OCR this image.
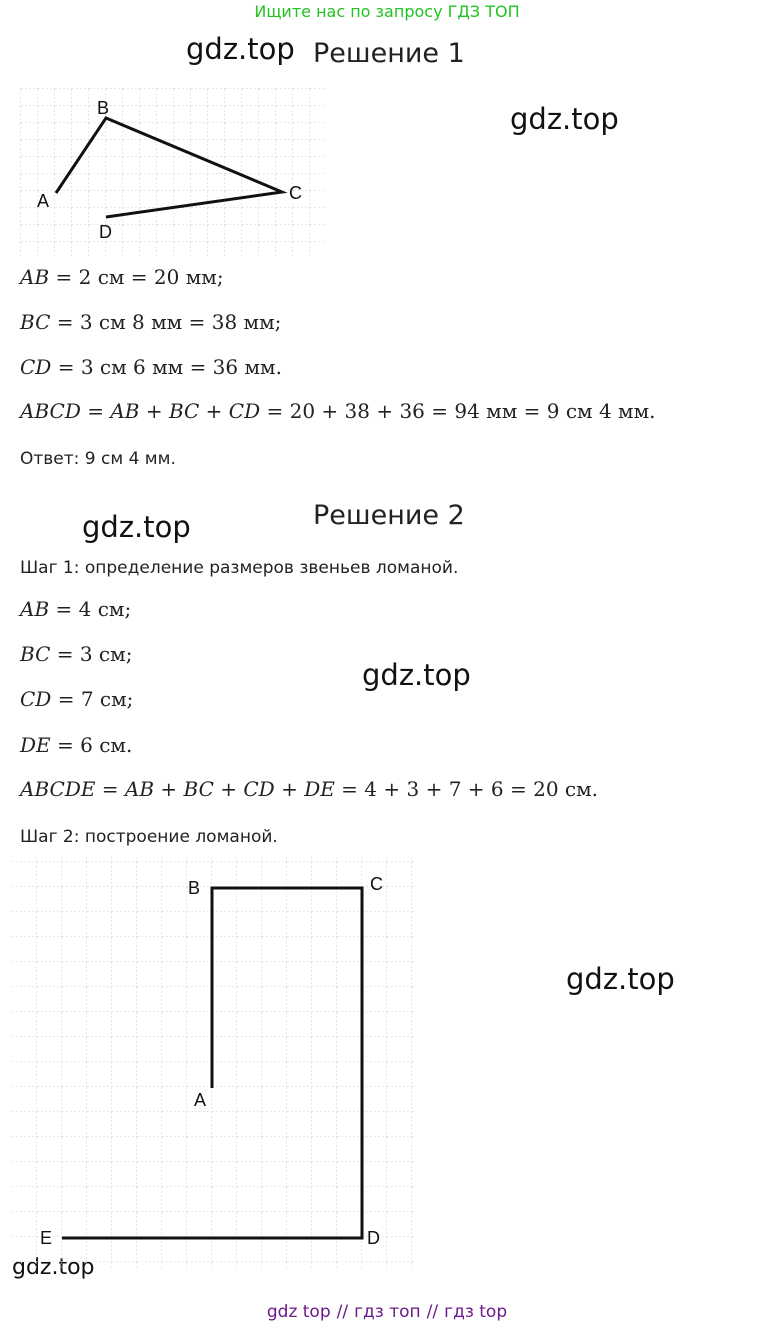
Ищите нас по запросу ГДЗ ТОП
gdz.top
gdz.top
gdz.top
gdz.top
gdz.top
Решение 1
A
B
C
D
AB = 2 см = 20 мм;
BC = 3 см 8 мм = 38 мм;
CD = 3 см 6 мм = 36 мм.
ABCD = AB + BC + CD = 20 + 38 + 36 = 94 мм = 9 см 4 мм.
Ответ: 9 см 4 мм.
Решение 2
Шаг 1: определение размеров звеньев ломаной.
AB = 4 см;
BC = 3 см;
CD = 7 см;
DE = 6 см.
ABCDE = AB + BC + CD + DE = 4 + 3 + 7 + 6 = 20 см.
Шаг 2: построение ломаной.
A
B	C
D
E
gdz top // гдз топ // гдз top
